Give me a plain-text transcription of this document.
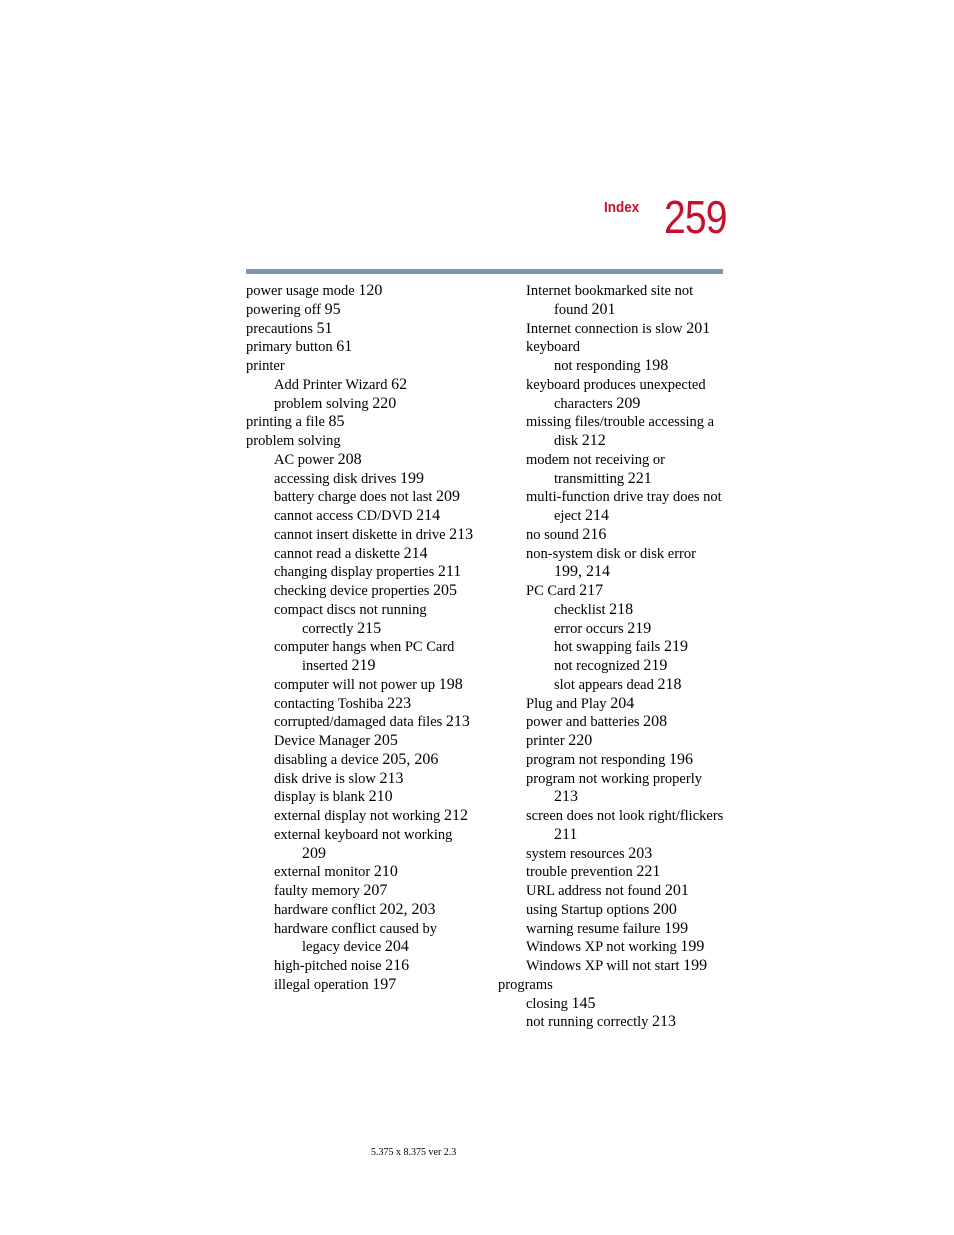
Index 259
power usage mode 120
powering off 95
precautions 51
primary button 61
printer
Add Printer Wizard 62
problem solving 220
printing a file 85
problem solving
AC power 208
accessing disk drives 199
battery charge does not last 209
cannot access CD/DVD 214
cannot insert diskette in drive 213
cannot read a diskette 214
changing display properties 211
checking device properties 205
compact discs not running
correctly 215
computer hangs when PC Card
inserted 219
computer will not power up 198
contacting Toshiba 223
corrupted/damaged data files 213
Device Manager 205
disabling a device 205, 206
disk drive is slow 213
display is blank 210
external display not working 212
external keyboard not working
209
external monitor 210
faulty memory 207
hardware conflict 202, 203
hardware conflict caused by
legacy device 204
high-pitched noise 216
illegal operation 197
Internet bookmarked site not
found 201
Internet connection is slow 201
keyboard
not responding 198
keyboard produces unexpected
characters 209
missing files/trouble accessing a
disk 212
modem not receiving or
transmitting 221
multi-function drive tray does not
eject 214
no sound 216
non-system disk or disk error
199, 214
PC Card 217
checklist 218
error occurs 219
hot swapping fails 219
not recognized 219
slot appears dead 218
Plug and Play 204
power and batteries 208
printer 220
program not responding 196
program not working properly
213
screen does not look right/flickers
211
system resources 203
trouble prevention 221
URL address not found 201
using Startup options 200
warning resume failure 199
Windows XP not working 199
Windows XP will not start 199
programs
closing 145
not running correctly 213
5.375 x 8.375 ver 2.3
